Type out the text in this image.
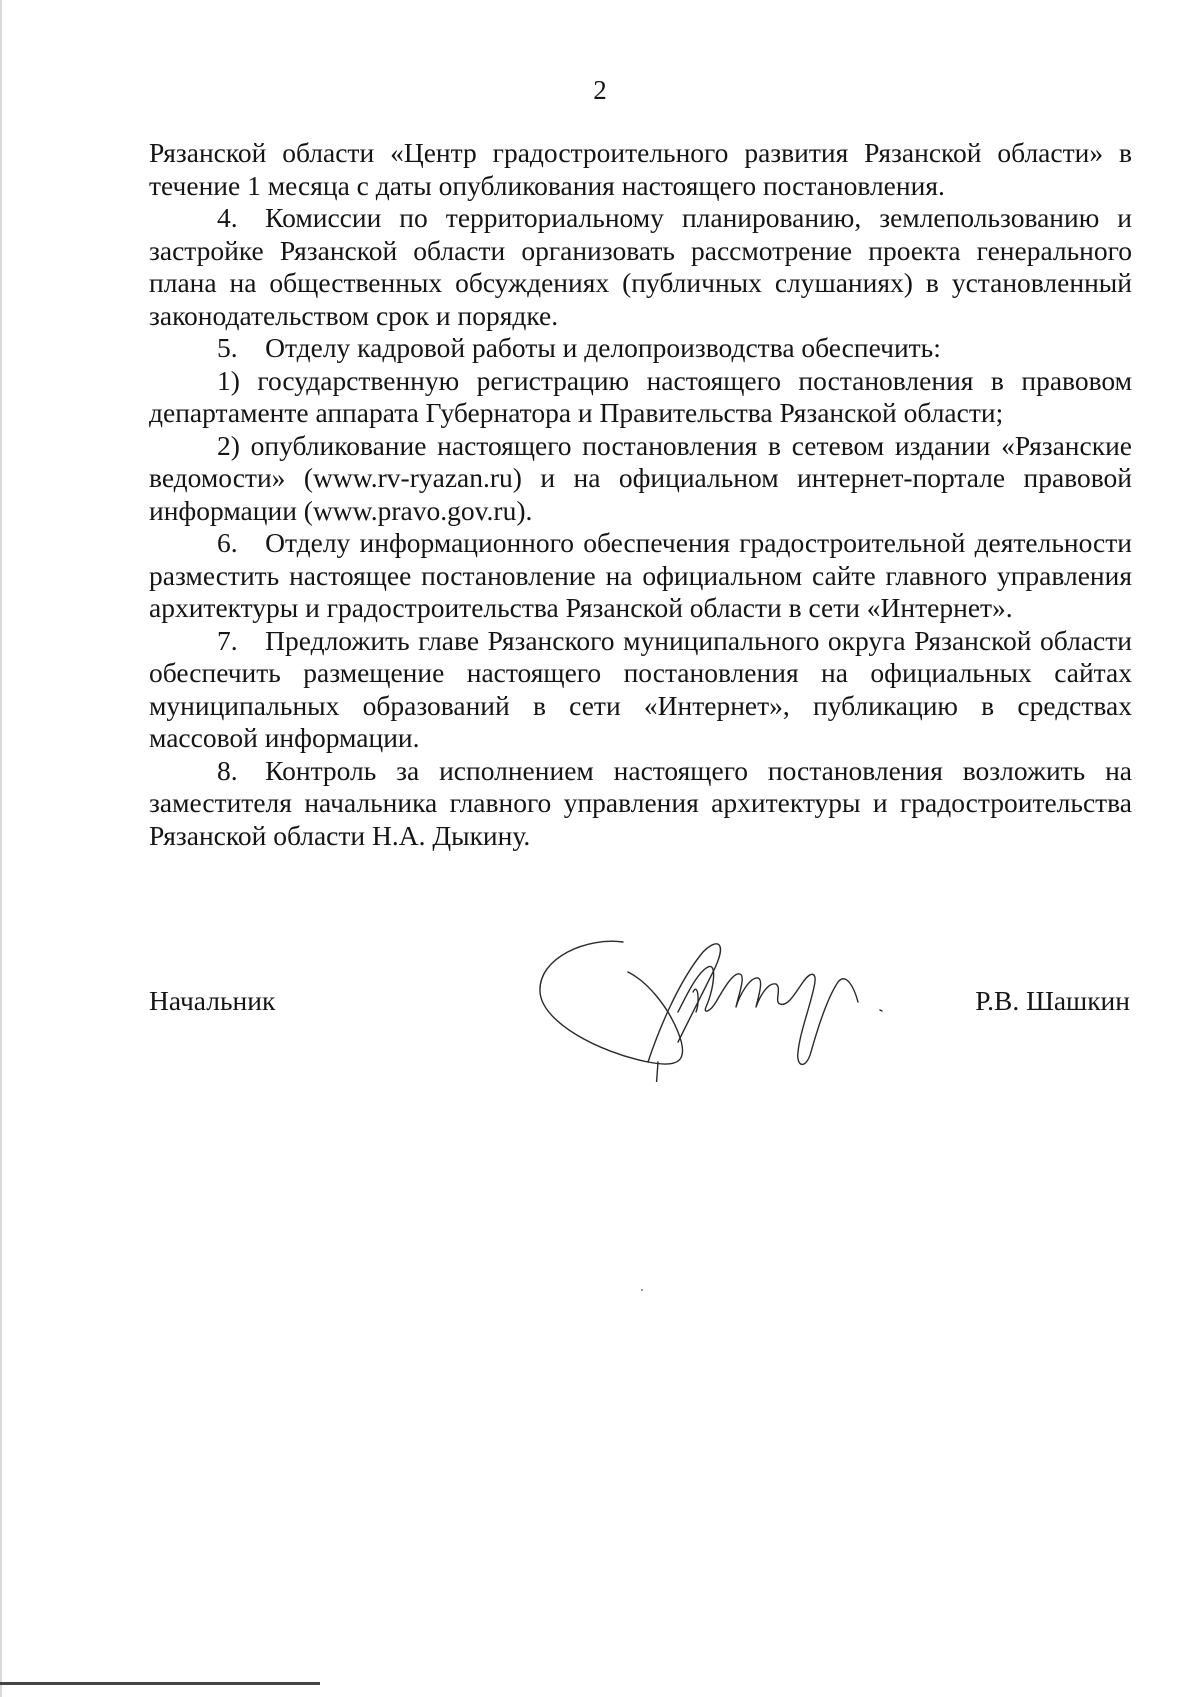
2

Рязанской области «Центр градостроительного развития Рязанской области» в течение 1 месяца с даты опубликования настоящего постановления.

4. Комиссии по территориальному планированию, землепользованию и застройке Рязанской области организовать рассмотрение проекта генерального плана на общественных обсуждениях (публичных слушаниях) в установленный законодательством срок и порядке.

5. Отделу кадровой работы и делопроизводства обеспечить:

1) государственную регистрацию настоящего постановления в правовом департаменте аппарата Губернатора и Правительства Рязанской области;

2) опубликование настоящего постановления в сетевом издании «Рязанские ведомости» (www.rv-ryazan.ru) и на официальном интернет-портале правовой информации (www.pravo.gov.ru).

6. Отделу информационного обеспечения градостроительной деятельности разместить настоящее постановление на официальном сайте главного управления архитектуры и градостроительства Рязанской области в сети «Интернет».

7. Предложить главе Рязанского муниципального округа Рязанской области обеспечить размещение настоящего постановления на официальных сайтах муниципальных образований в сети «Интернет», публикацию в средствах массовой информации.

8. Контроль за исполнением настоящего постановления возложить на заместителя начальника главного управления архитектуры и градостроительства Рязанской области Н.А. Дыкину.

Начальник	Р.В. Шашкин
